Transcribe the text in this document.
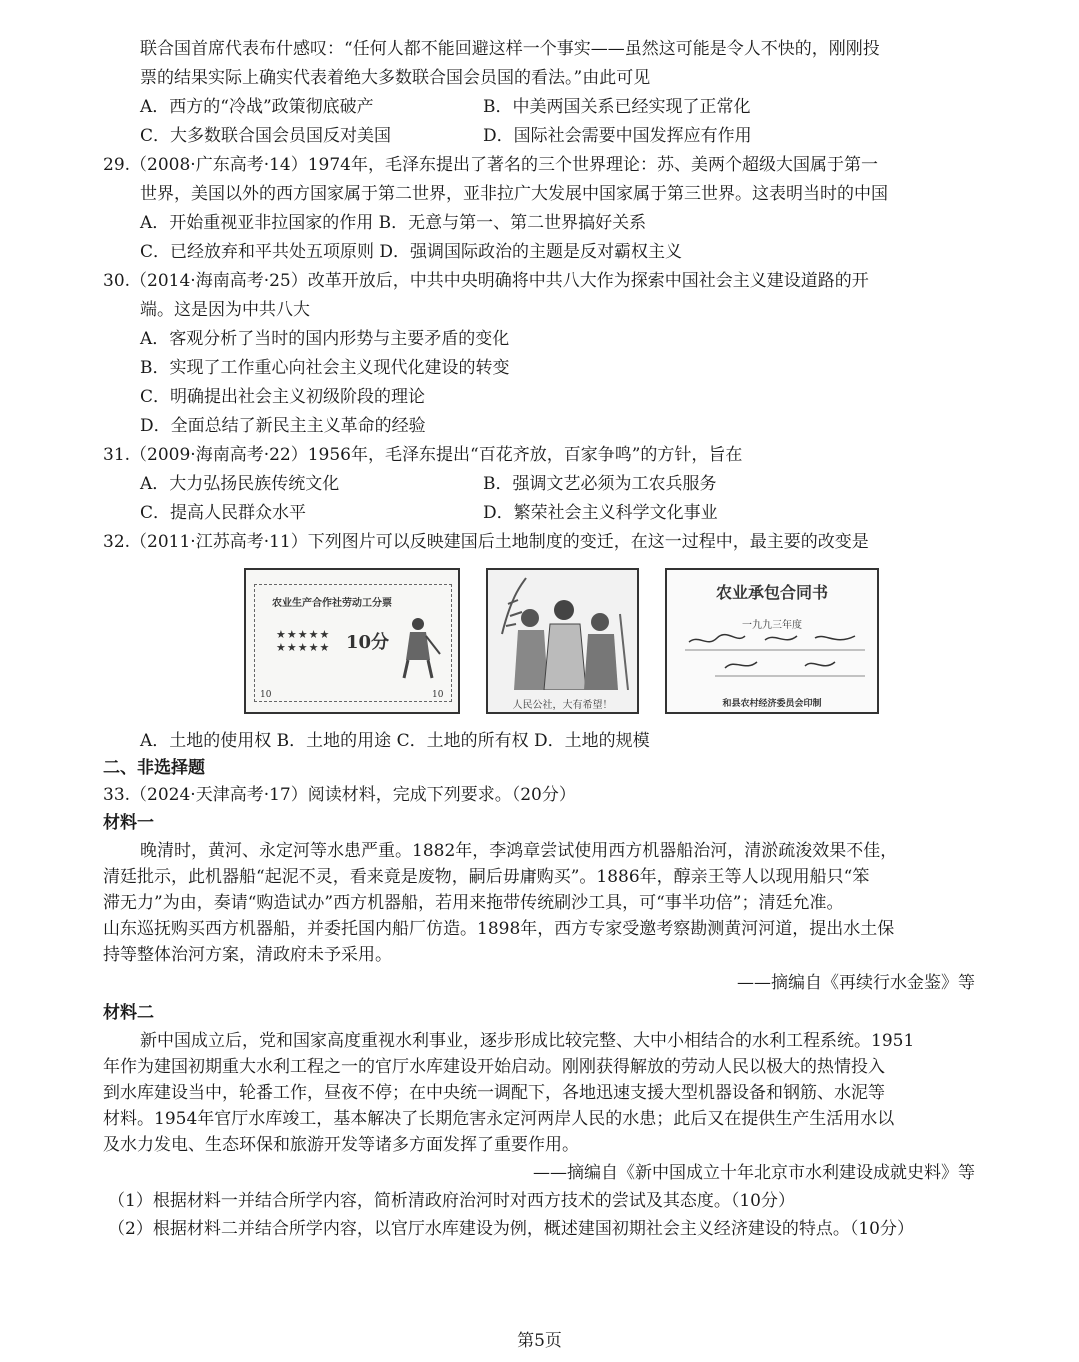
联合国首席代表布什感叹：“任何人都不能回避这样一个事实——虽然这可能是令人不快的，刚刚投
票的结果实际上确实代表着绝大多数联合国会员国的看法。”由此可见
A．西方的“冷战”政策彻底破产	B．中美两国关系已经实现了正常化
C．大多数联合国会员国反对美国	D．国际社会需要中国发挥应有作用
29.（2008·广东高考·14）1974年，毛泽东提出了著名的三个世界理论：苏、美两个超级大国属于第一
世界，美国以外的西方国家属于第二世界，亚非拉广大发展中国家属于第三世界。这表明当时的中国
A．开始重视亚非拉国家的作用 B．无意与第一、第二世界搞好关系
C．已经放弃和平共处五项原则 D．强调国际政治的主题是反对霸权主义
30.（2014·海南高考·25）改革开放后，中共中央明确将中共八大作为探索中国社会主义建设道路的开
端。这是因为中共八大
A．客观分析了当时的国内形势与主要矛盾的变化
B．实现了工作重心向社会主义现代化建设的转变
C．明确提出社会主义初级阶段的理论
D．全面总结了新民主主义革命的经验
31.（2009·海南高考·22）1956年，毛泽东提出“百花齐放，百家争鸣”的方针，旨在
A．大力弘扬民族传统文化	B．强调文艺必须为工农兵服务
C．提高人民群众水平	D．繁荣社会主义科学文化事业
32.（2011·江苏高考·11）下列图片可以反映建国后土地制度的变迁，在这一过程中，最主要的改变是
农业生产合作社劳动工分票
★★★★★
★★★★★ 10分
10	10
人民公社，大有希望！
农业承包合同书
一九九三年度
和县农村经济委员会印制
A．土地的使用权 B．土地的用途 C．土地的所有权 D．土地的规模
二、非选择题
33.（2024·天津高考·17）阅读材料，完成下列要求。（20分）
材料一
晚清时，黄河、永定河等水患严重。1882年，李鸿章尝试使用西方机器船治河，清淤疏浚效果不佳，
清廷批示，此机器船“起泥不灵，看来竟是废物，嗣后毋庸购买”。1886年，醇亲王等人以现用船只“笨
滞无力”为由，奏请“购造试办”西方机器船，若用来拖带传统刷沙工具，可“事半功倍”；清廷允准。
山东巡抚购买西方机器船，并委托国内船厂仿造。1898年，西方专家受邀考察勘测黄河河道，提出水土保
持等整体治河方案，清政府未予采用。
——摘编自《再续行水金鉴》等
材料二
新中国成立后，党和国家高度重视水利事业，逐步形成比较完整、大中小相结合的水利工程系统。1951
年作为建国初期重大水利工程之一的官厅水库建设开始启动。刚刚获得解放的劳动人民以极大的热情投入
到水库建设当中，轮番工作，昼夜不停；在中央统一调配下，各地迅速支援大型机器设备和钢筋、水泥等
材料。1954年官厅水库竣工，基本解决了长期危害永定河两岸人民的水患；此后又在提供生产生活用水以
及水力发电、生态环保和旅游开发等诸多方面发挥了重要作用。
——摘编自《新中国成立十年北京市水利建设成就史料》等
（1）根据材料一并结合所学内容，简析清政府治河时对西方技术的尝试及其态度。（10分）
（2）根据材料二并结合所学内容，以官厅水库建设为例，概述建国初期社会主义经济建设的特点。（10分）
第5页
